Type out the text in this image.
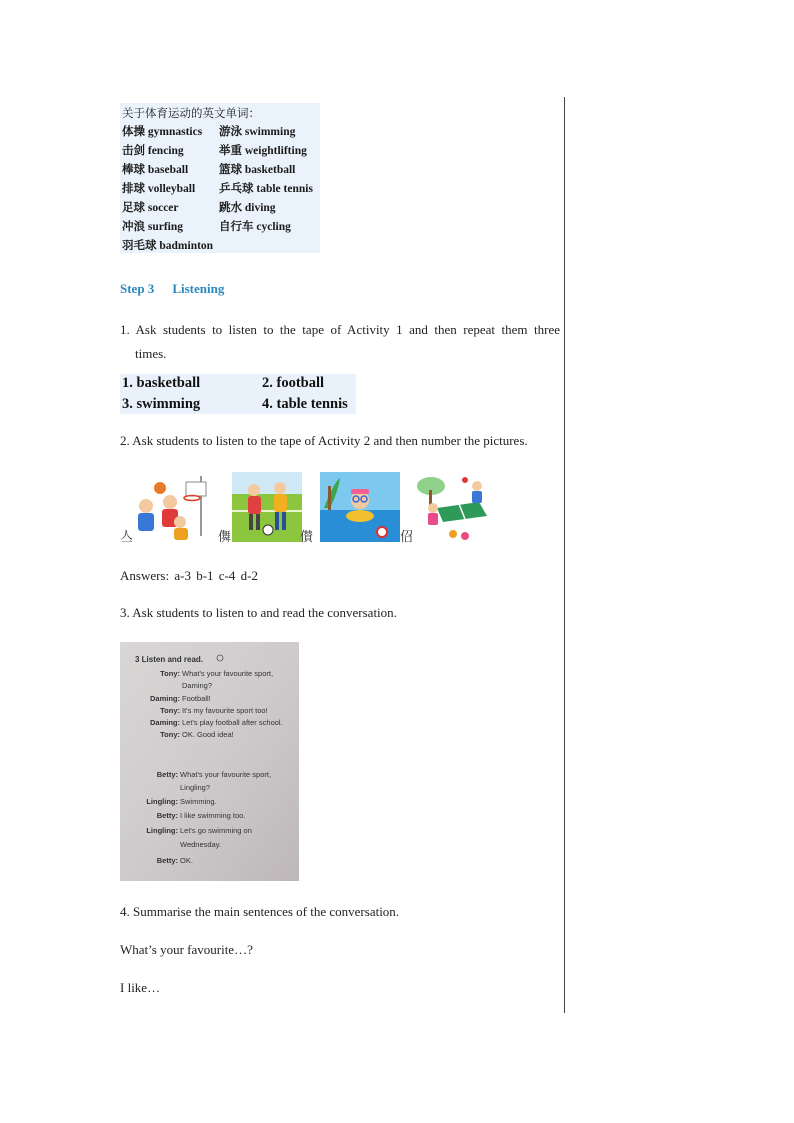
关于体育运动的英文单词：
体操 gymnastics 游泳 swimming
击剑 fencing	举重 weightlifting
棒球 baseball	篮球 basketball
排球 volleyball 乒乓球 table tennis
足球 soccer	跳水 diving
冲浪 surfing	自行车 cycling
羽毛球 badminton
Step 3 Listening
1. Ask students to listen to the tape of Activity 1 and then repeat them three
times.
1. basketball	2. football
3. swimming	4. table tennis
2. Ask students to listen to the tape of Activity 2 and then number the pictures.
亼	儛	儧	佋
Answers: a-3 b-1 c-4 d-2
3. Ask students to listen to and read the conversation.
3 Listen and read.
Tony: What's your favourite sport,
Daming?
Daming: Football!
Tony: It's my favourite sport too!
Daming: Let's play football after school.
Tony: OK. Good idea!
Betty: What's your favourite sport,
Lingling?
Lingling: Swimming.
Betty: I like swimming too.
Lingling: Let's go swimming on
Wednesday.
Betty: OK.
4. Summarise the main sentences of the conversation.
What’s your favourite…?
I like…
